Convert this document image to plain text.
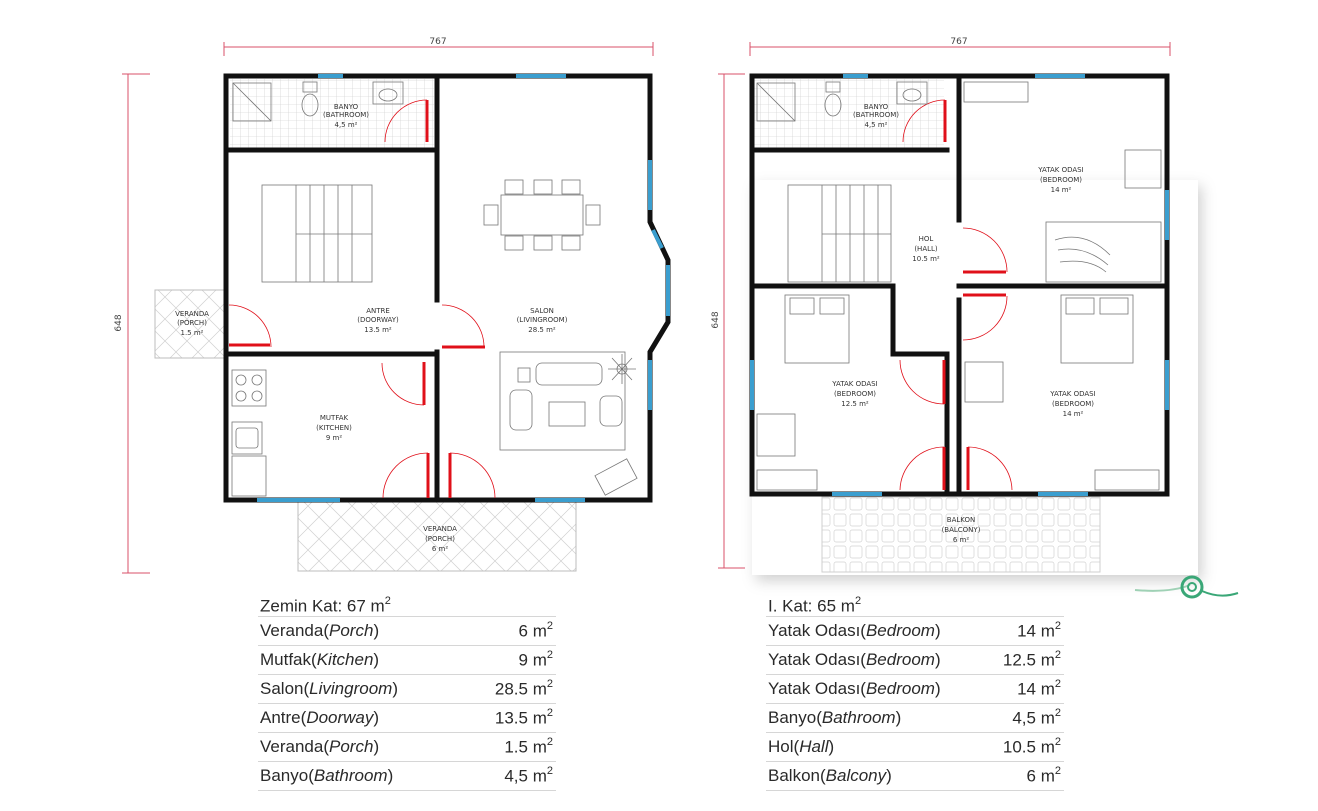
767
648
767
648
BANYO
(BATHROOM)
4,5 m²
ANTRE
(DOORWAY)
13.5 m²
SALON
(LIVINGROOM)
28.5 m²
MUTFAK
(KITCHEN)
9 m²
VERANDA
(PORCH)
1.5 m²
VERANDA
(PORCH)
6 m²
BANYO
(BATHROOM)
4,5 m²
YATAK ODASI
(BEDROOM)
14 m²
HOL
(HALL)
10.5 m²
YATAK ODASI
(BEDROOM)
12.5 m²
YATAK ODASI
(BEDROOM)
14 m²
BALKON
(BALCONY)
6 m²
Zemin Kat: 67 $m^2$
Veranda(Porch)	6 $m^2$
Mutfak(Kitchen)	9 $m^2$
Salon(Livingroom)	28.5 $m^2$
Antre(Doorway)	13.5 $m^2$
Veranda(Porch)	1.5 $m^2$
Banyo(Bathroom)	4,5 $m^2$
I. Kat: 65 $m^2$
Yatak Odası(Bedroom)	14 $m^2$
Yatak Odası(Bedroom)	12.5 $m^2$
Yatak Odası(Bedroom)	14 $m^2$
Banyo(Bathroom)	4,5 $m^2$
Hol(Hall)	10.5 $m^2$
Balkon(Balcony)	6 $m^2$
